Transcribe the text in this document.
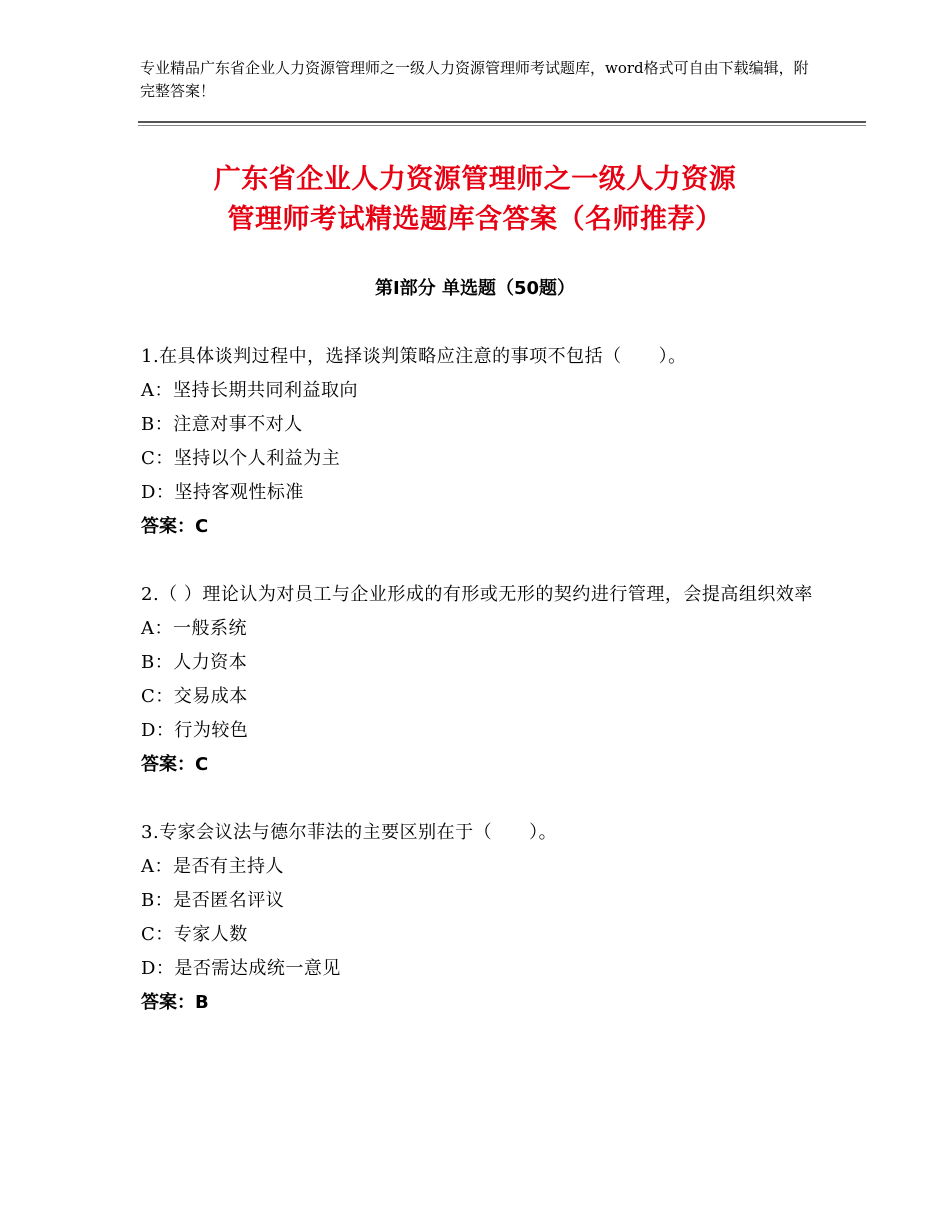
专业精品广东省企业人力资源管理师之一级人力资源管理师考试题库，word格式可自由下载编辑，附完整答案！
广东省企业人力资源管理师之一级人力资源
管理师考试精选题库含答案（名师推荐）
第Ⅰ部分 单选题（50题）

1.在具体谈判过程中，选择谈判策略应注意的事项不包括（　　）。

A：坚持长期共同利益取向

B：注意对事不对人

C：坚持以个人利益为主

D：坚持客观性标准

答案：C

2.（ ）理论认为对员工与企业形成的有形或无形的契约进行管理，会提高组织效率

A：一般系统

B：人力资本

C：交易成本

D：行为较色

答案：C

3.专家会议法与德尔菲法的主要区别在于（　　）。

A：是否有主持人

B：是否匿名评议

C：专家人数

D：是否需达成统一意见

答案：B
